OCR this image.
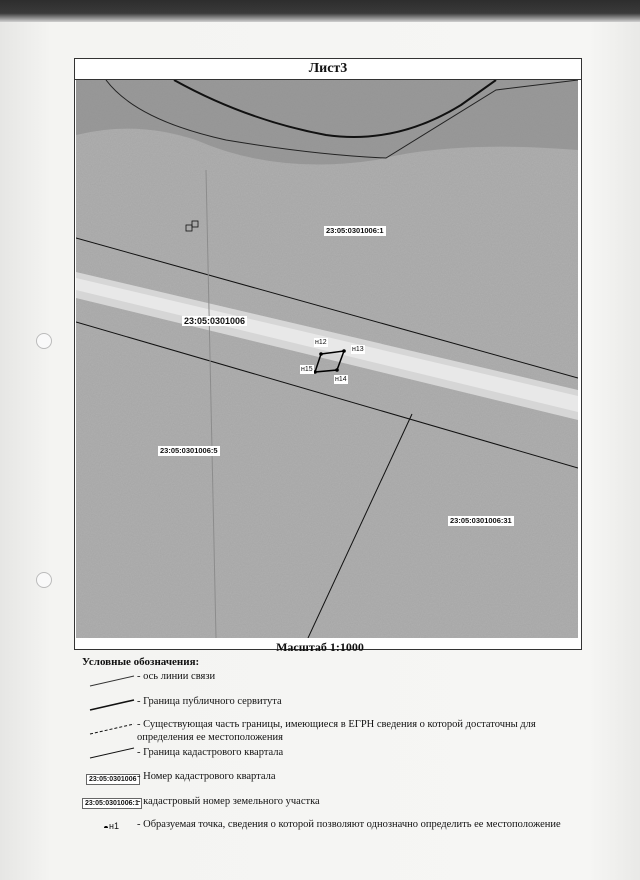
Лист3
23:05:0301006:1
23:05:0301006
23:05:0301006:5
23:05:0301006:31
н12
н13
н14
н15
Масштаб 1:1000
Условные обозначения:
- ось линии связи
- Граница публичного сервитута
- Существующая часть границы, имеющиеся в ЕГРН сведения о которой достаточны для определения ее местоположения
- Граница кадастрового квартала
23:05:0301006 - Номер кадастрового квартала
23:05:0301006:1
- кадастровый номер земельного участка
н1 - Образуемая точка, сведения о которой позволяют однозначно определить ее местоположение
